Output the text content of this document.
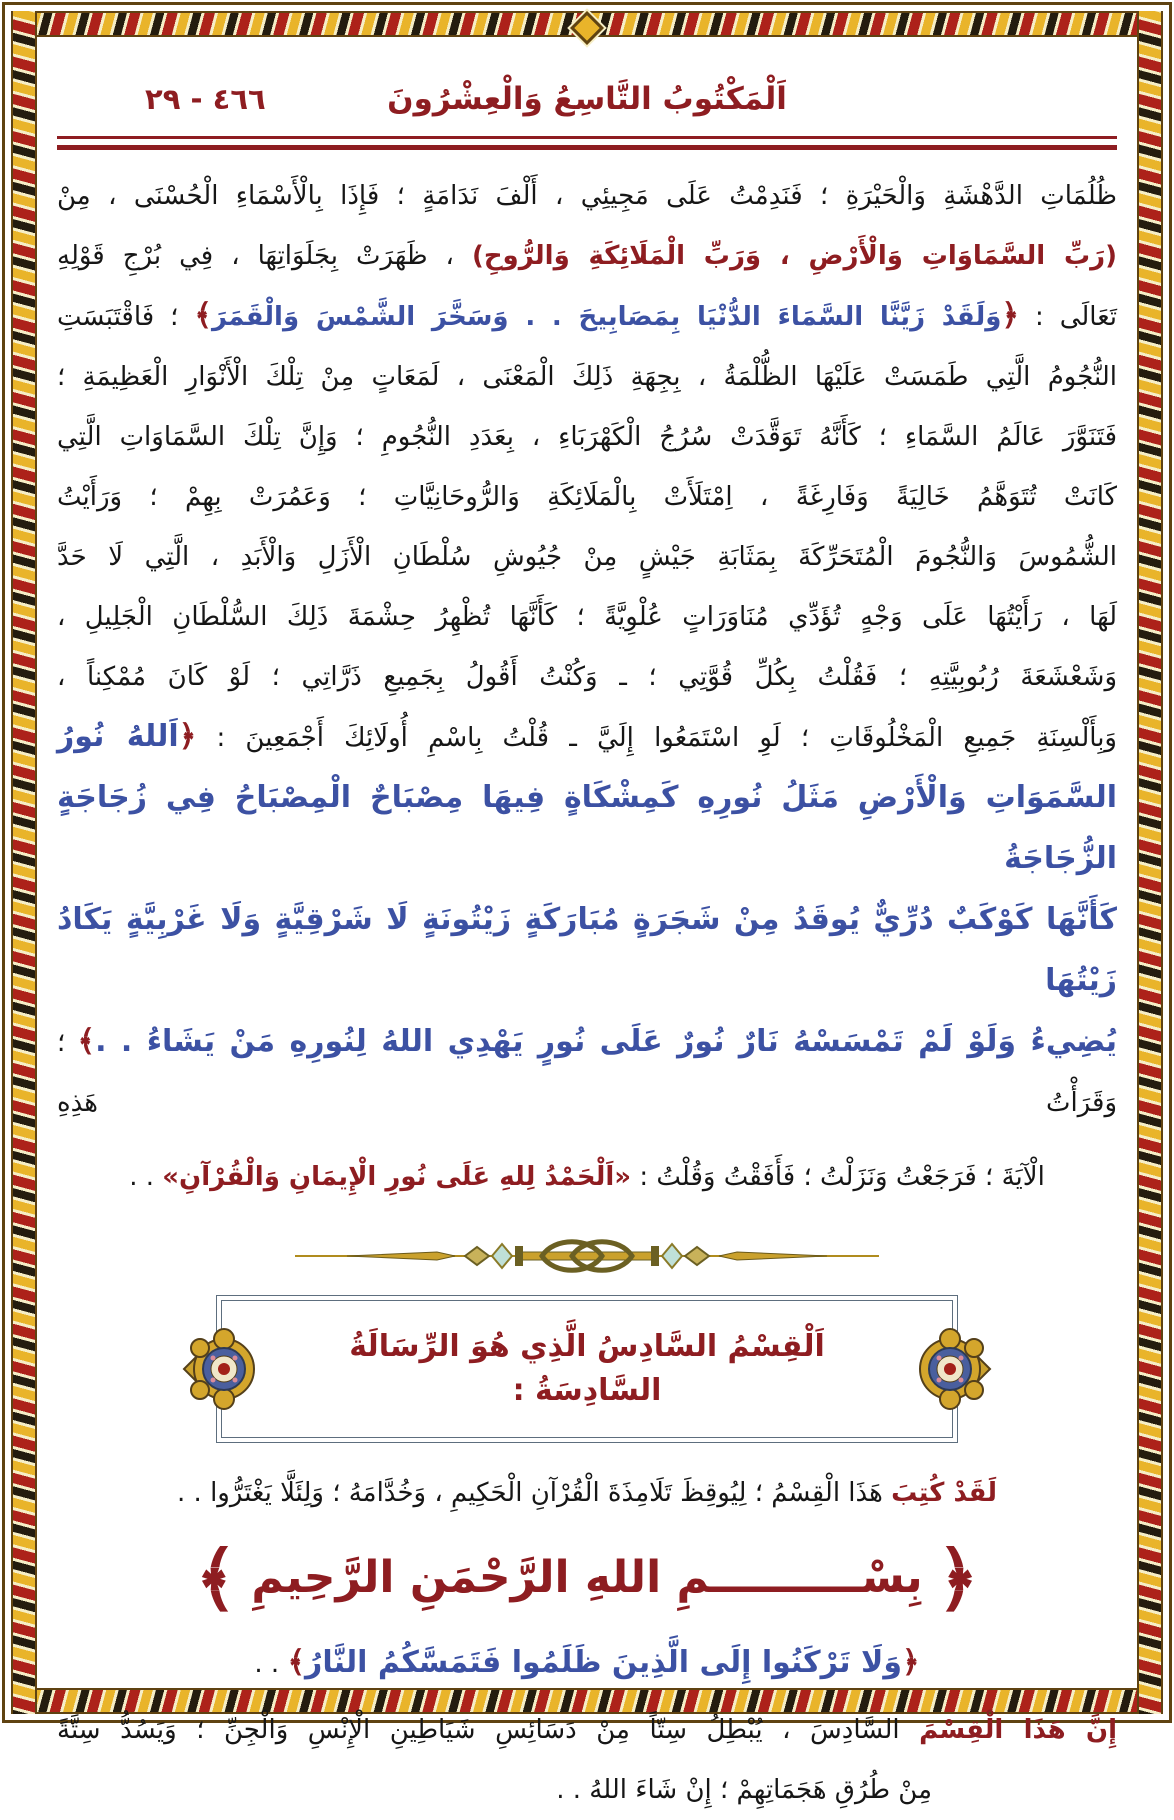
اَلْمَكْتُوبُ التَّاسِعُ وَالْعِشْرُونَ
٤٦٦ - ٢٩
ظُلُمَاتِ الدَّهْشَةِ وَالْحَيْرَةِ ؛ فَنَدِمْتُ عَلَى مَجِيئِي ، أَلْفَ نَدَامَةٍ ؛ فَإِذَا بِالْأَسْمَاءِ الْحُسْنَى ، مِنْ
(رَبِّ السَّمَاوَاتِ وَالْأَرْضِ ، وَرَبِّ الْمَلَائِكَةِ وَالرُّوحِ) ، ظَهَرَتْ بِجَلَوَاتِهَا ، فِي بُرْجِ قَوْلِهِ
تَعَالَى : ﴿وَلَقَدْ زَيَّنَّا السَّمَاءَ الدُّنْيَا بِمَصَابِيحَ . . وَسَخَّرَ الشَّمْسَ وَالْقَمَرَ﴾ ؛ فَاقْتَبَسَتِ
النُّجُومُ الَّتِي طَمَسَتْ عَلَيْهَا الظُّلْمَةُ ، بِجِهَةِ ذَلِكَ الْمَعْنَى ، لَمَعَاتٍ مِنْ تِلْكَ الْأَنْوَارِ الْعَظِيمَةِ ؛
فَتَنَوَّرَ عَالَمُ السَّمَاءِ ؛ كَأَنَّهُ تَوَقَّدَتْ سُرُجُ الْكَهْرَبَاءِ ، بِعَدَدِ النُّجُومِ ؛ وَإِنَّ تِلْكَ السَّمَاوَاتِ الَّتِي
كَانَتْ تُتَوَهَّمُ خَالِيَةً وَفَارِغَةً ، اِمْتَلَأَتْ بِالْمَلَائِكَةِ وَالرُّوحَانِيَّاتِ ؛ وَعَمُرَتْ بِهِمْ ؛ وَرَأَيْتُ
الشُّمُوسَ وَالنُّجُومَ الْمُتَحَرِّكَةَ بِمَثَابَةِ جَيْشٍ مِنْ جُيُوشِ سُلْطَانِ الْأَزَلِ وَالْأَبَدِ ، الَّتِي لَا حَدَّ
لَهَا ، رَأَيْتُهَا عَلَى وَجْهٍ تُؤَدِّي مُنَاوَرَاتٍ عُلْوِيَّةً ؛ كَأَنَّهَا تُظْهِرُ حِشْمَةَ ذَلِكَ السُّلْطَانِ الْجَلِيلِ ،
وَشَعْشَعَةَ رُبُوبِيَّتِهِ ؛ فَقُلْتُ بِكُلِّ قُوَّتِي ؛ ـ وَكُنْتُ أَقُولُ بِجَمِيعِ ذَرَّاتِي ؛ لَوْ كَانَ مُمْكِناً ،
وَبِأَلْسِنَةِ جَمِيعِ الْمَخْلُوقَاتِ ؛ لَوِ اسْتَمَعُوا إِلَيَّ ـ قُلْتُ بِاسْمِ أُولَائِكَ أَجْمَعِينَ : ﴿اَللهُ نُورُ
السَّمَوَاتِ وَالْأَرْضِ مَثَلُ نُورِهِ كَمِشْكَاةٍ فِيهَا مِصْبَاحٌ الْمِصْبَاحُ فِي زُجَاجَةٍ الزُّجَاجَةُ
كَأَنَّهَا كَوْكَبٌ دُرِّيٌّ يُوقَدُ مِنْ شَجَرَةٍ مُبَارَكَةٍ زَيْتُونَةٍ لَا شَرْقِيَّةٍ وَلَا غَرْبِيَّةٍ يَكَادُ زَيْتُهَا
يُضِيءُ وَلَوْ لَمْ تَمْسَسْهُ نَارٌ نُورٌ عَلَى نُورٍ يَهْدِي اللهُ لِنُورِهِ مَنْ يَشَاءُ . .﴾ ؛ وَقَرَأْتُ هَذِهِ
الْآيَةَ ؛ فَرَجَعْتُ وَنَزَلْتُ ؛ فَأَفَقْتُ وَقُلْتُ : «اَلْحَمْدُ لِلهِ عَلَى نُورِ الْإِيمَانِ وَالْقُرْآنِ» . .
اَلْقِسْمُ السَّادِسُ الَّذِي هُوَ الرِّسَالَةُ السَّادِسَةُ :
لَقَدْ كُتِبَ هَذَا الْقِسْمُ ؛ لِيُوقِظَ تَلَامِذَةَ الْقُرْآنِ الْحَكِيمِ ، وَخُدَّامَهُ ؛ وَلِئَلَّا يَغْتَرُّوا . .
﴿
بِسْــــــــــمِ اللهِ الرَّحْمَنِ الرَّحِيمِ
﴾
﴿وَلَا تَرْكَنُوا إِلَى الَّذِينَ ظَلَمُوا فَتَمَسَّكُمُ النَّارُ﴾ . .
إِنَّ هَذَا الْقِسْمَ السَّادِسَ ، يُبْطِلُ سِتّاً مِنْ دَسَائِسِ شَيَاطِينِ الْإِنْسِ وَالْجِنِّ ؛ وَيَسُدُّ سِتَّةً
مِنْ طُرُقِ هَجَمَاتِهِمْ ؛ إِنْ شَاءَ اللهُ . .
